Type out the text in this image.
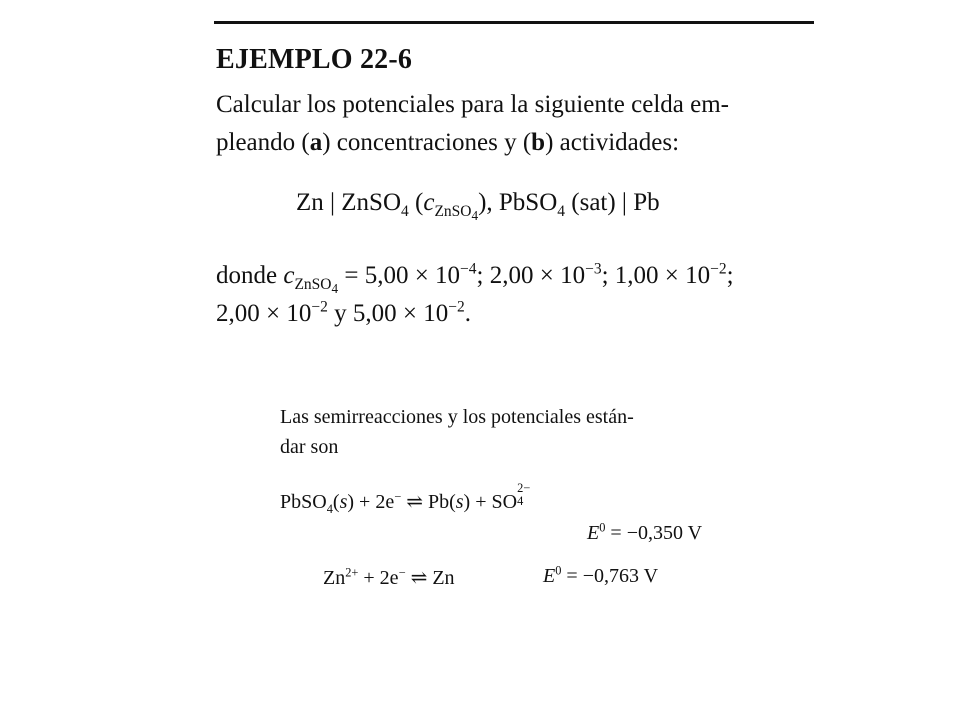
EJEMPLO 22-6
Calcular los potenciales para la siguiente celda em-
pleando (a) concentraciones y (b) actividades:
Zn | ZnSO$_4$ $(c_{ZnSO_4})$, PbSO$_4$ (sat) | Pb
donde $c_{ZnSO_4} = 5,00 \times 10^{-4}$; $2,00 \times 10^{-3}$; $1,00 \times 10^{-2}$;
$2,00 \times 10^{-2}$ y $5,00 \times 10^{-2}$.
Las semirreacciones y los potenciales están-
dar son
PbSO$_4$(s) + 2e− ⇌ Pb(s) + SO
2−
4
$E^0 = -0,350$ V
$Zn^{2+} + 2e^-$ ⇌ Zn	$E^0 = -0,763$ V
